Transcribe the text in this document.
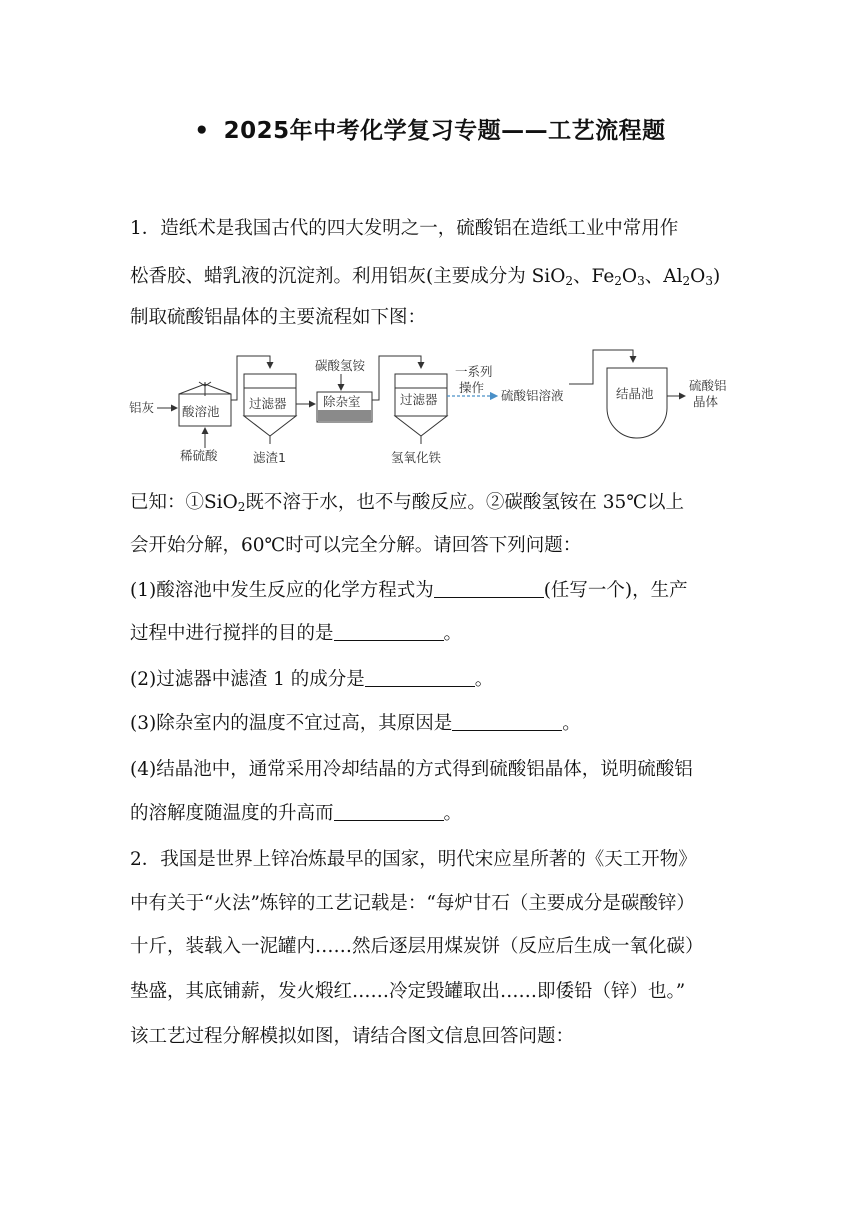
• 2025年中考化学复习专题——工艺流程题
1．造纸术是我国古代的四大发明之一，硫酸铝在造纸工业中常用作
松香胶、蜡乳液的沉淀剂。利用铝灰(主要成分为 SiO$_2$、$Fe_2O_3$、$Al_2O_3$)
制取硫酸铝晶体的主要流程如下图：
铝灰 酸溶池
稀硫酸
过滤器
滤渣1
碳酸氢铵
除杂室	过滤器
氢氧化铁
一系列
操作
硫酸铝溶液	结晶池
硫酸铝
晶体
已知：①SiO$_2$既不溶于水，也不与酸反应。②碳酸氢铵在 35℃以上
会开始分解，60℃时可以完全分解。请回答下列问题：
(1)酸溶池中发生反应的化学方程式为	(任写一个)，生产
过程中进行搅拌的目的是	。
(2)过滤器中滤渣 1 的成分是	。
(3)除杂室内的温度不宜过高，其原因是	。
(4)结晶池中，通常采用冷却结晶的方式得到硫酸铝晶体，说明硫酸铝
的溶解度随温度的升高而	。
2．我国是世界上锌冶炼最早的国家，明代宋应星所著的《天工开物》
中有关于“火法”炼锌的工艺记载是：“每炉甘石（主要成分是碳酸锌）
十斤，装载入一泥罐内……然后逐层用煤炭饼（反应后生成一氧化碳）
垫盛，其底铺薪，发火煅红……冷定毁罐取出……即倭铅（锌）也。”
该工艺过程分解模拟如图，请结合图文信息回答问题：
